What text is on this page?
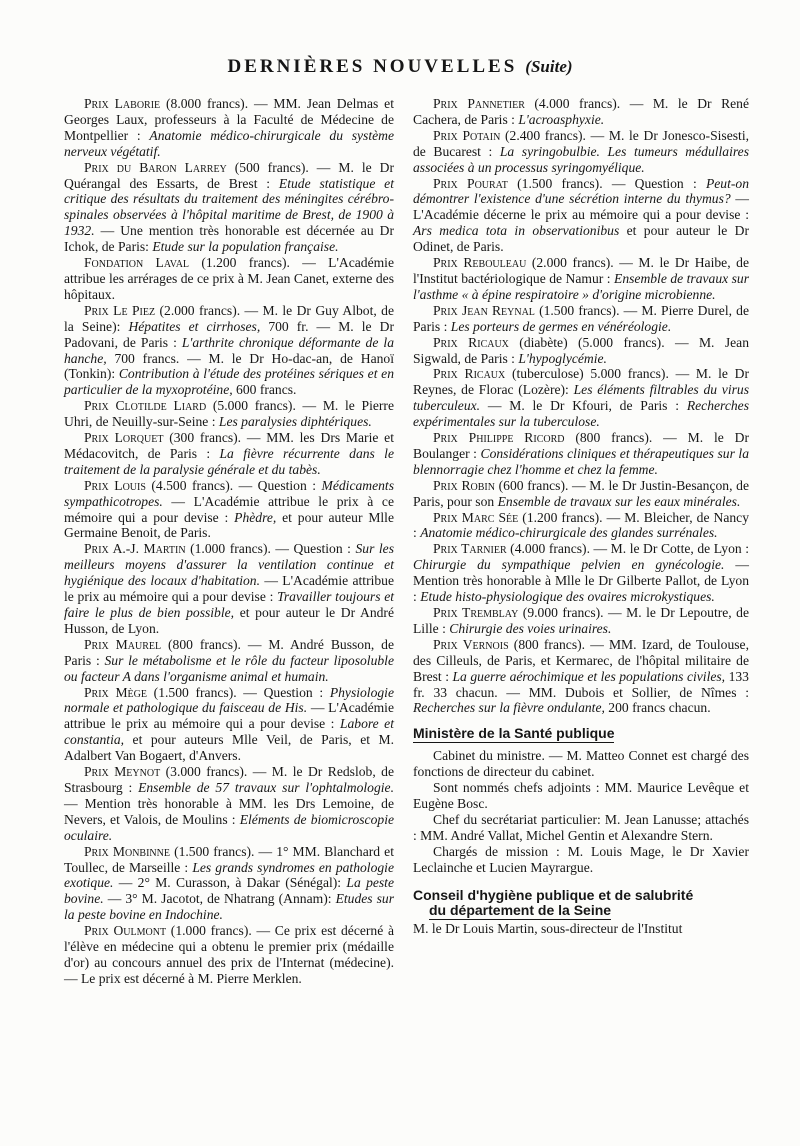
DERNIÈRES NOUVELLES (Suite)

Prix Laborie (8.000 francs). — MM. Jean Delmas et Georges Laux, professeurs à la Faculté de Médecine de Montpellier : Anatomie médico-chirurgicale du système nerveux végétatif.

Prix du Baron Larrey (500 francs). — M. le Dr Quérangal des Essarts, de Brest : Etude statistique et critique des résultats du traitement des méningites cérébro-spinales observées à l'hôpital maritime de Brest, de 1900 à 1932. — Une mention très honorable est décernée au Dr Ichok, de Paris: Etude sur la population française.

Fondation Laval (1.200 francs). — L'Académie attribue les arrérages de ce prix à M. Jean Canet, externe des hôpitaux.

Prix Le Piez (2.000 francs). — M. le Dr Guy Albot, de la Seine): Hépatites et cirrhoses, 700 fr. — M. le Dr Padovani, de Paris : L'arthrite chronique déformante de la hanche, 700 francs. — M. le Dr Ho-dac-an, de Hanoï (Tonkin): Contribution à l'étude des protéines sériques et en particulier de la myxoprotéine, 600 francs.

Prix Clotilde Liard (5.000 francs). — M. le Pierre Uhri, de Neuilly-sur-Seine : Les paralysies diphtériques.

Prix Lorquet (300 francs). — MM. les Drs Marie et Médacovitch, de Paris : La fièvre récurrente dans le traitement de la paralysie générale et du tabès.

Prix Louis (4.500 francs). — Question : Médicaments sympathicotropes. — L'Académie attribue le prix à ce mémoire qui a pour devise : Phèdre, et pour auteur Mlle Germaine Benoit, de Paris.

Prix A.-J. Martin (1.000 francs). — Question : Sur les meilleurs moyens d'assurer la ventilation continue et hygiénique des locaux d'habitation. — L'Académie attribue le prix au mémoire qui a pour devise : Travailler toujours et faire le plus de bien possible, et pour auteur le Dr André Husson, de Lyon.

Prix Maurel (800 francs). — M. André Busson, de Paris : Sur le métabolisme et le rôle du facteur liposoluble ou facteur A dans l'organisme animal et humain.

Prix Mège (1.500 francs). — Question : Physiologie normale et pathologique du faisceau de His. — L'Académie attribue le prix au mémoire qui a pour devise : Labore et constantia, et pour auteurs Mlle Veil, de Paris, et M. Adalbert Van Bogaert, d'Anvers.

Prix Meynot (3.000 francs). — M. le Dr Redslob, de Strasbourg : Ensemble de 57 travaux sur l'ophtalmologie. — Mention très honorable à MM. les Drs Lemoine, de Nevers, et Valois, de Moulins : Eléments de biomicroscopie oculaire.

Prix Monbinne (1.500 francs). — 1° MM. Blanchard et Toullec, de Marseille : Les grands syndromes en pathologie exotique. — 2° M. Curasson, à Dakar (Sénégal): La peste bovine. — 3° M. Jacotot, de Nhatrang (Annam): Etudes sur la peste bovine en Indochine.

Prix Oulmont (1.000 francs). — Ce prix est décerné à l'élève en médecine qui a obtenu le premier prix (médaille d'or) au concours annuel des prix de l'Internat (médecine). — Le prix est décerné à M. Pierre Merklen.

Prix Pannetier (4.000 francs). — M. le Dr René Cachera, de Paris : L'acroasphyxie.

Prix Potain (2.400 francs). — M. le Dr Jonesco-Sisesti, de Bucarest : La syringobulbie. Les tumeurs médullaires associées à un processus syringomyélique.

Prix Pourat (1.500 francs). — Question : Peut-on démontrer l'existence d'une sécrétion interne du thymus? — L'Académie décerne le prix au mémoire qui a pour devise : Ars medica tota in observationibus et pour auteur le Dr Odinet, de Paris.

Prix Rebouleau (2.000 francs). — M. le Dr Haibe, de l'Institut bactériologique de Namur : Ensemble de travaux sur l'asthme « à épine respiratoire » d'origine microbienne.

Prix Jean Reynal (1.500 francs). — M. Pierre Durel, de Paris : Les porteurs de germes en vénéréologie.

Prix Ricaux (diabète) (5.000 francs). — M. Jean Sigwald, de Paris : L'hypoglycémie.

Prix Ricaux (tuberculose) 5.000 francs). — M. le Dr Reynes, de Florac (Lozère): Les éléments filtrables du virus tuberculeux. — M. le Dr Kfouri, de Paris : Recherches expérimentales sur la tuberculose.

Prix Philippe Ricord (800 francs). — M. le Dr Boulanger : Considérations cliniques et thérapeutiques sur la blennorragie chez l'homme et chez la femme.

Prix Robin (600 francs). — M. le Dr Justin-Besançon, de Paris, pour son Ensemble de travaux sur les eaux minérales.

Prix Marc Sée (1.200 francs). — M. Bleicher, de Nancy : Anatomie médico-chirurgicale des glandes surrénales.

Prix Tarnier (4.000 francs). — M. le Dr Cotte, de Lyon : Chirurgie du sympathique pelvien en gynécologie. — Mention très honorable à Mlle le Dr Gilberte Pallot, de Lyon : Etude histo-physiologique des ovaires microkystiques.

Prix Tremblay (9.000 francs). — M. le Dr Lepoutre, de Lille : Chirurgie des voies urinaires.

Prix Vernois (800 francs). — MM. Izard, de Toulouse, des Cilleuls, de Paris, et Kermarec, de l'hôpital militaire de Brest : La guerre aérochimique et les populations civiles, 133 fr. 33 chacun. — MM. Dubois et Sollier, de Nîmes : Recherches sur la fièvre ondulante, 200 francs chacun.

Ministère de la Santé publique

Cabinet du ministre. — M. Matteo Connet est chargé des fonctions de directeur du cabinet.

Sont nommés chefs adjoints : MM. Maurice Levêque et Eugène Bosc.

Chef du secrétariat particulier: M. Jean Lanusse; attachés : MM. André Vallat, Michel Gentin et Alexandre Stern.

Chargés de mission : M. Louis Mage, le Dr Xavier Leclainche et Lucien Mayrargue.

Conseil d'hygiène publique et de salubrité
du département de la Seine

M. le Dr Louis Martin, sous-directeur de l'Institut
